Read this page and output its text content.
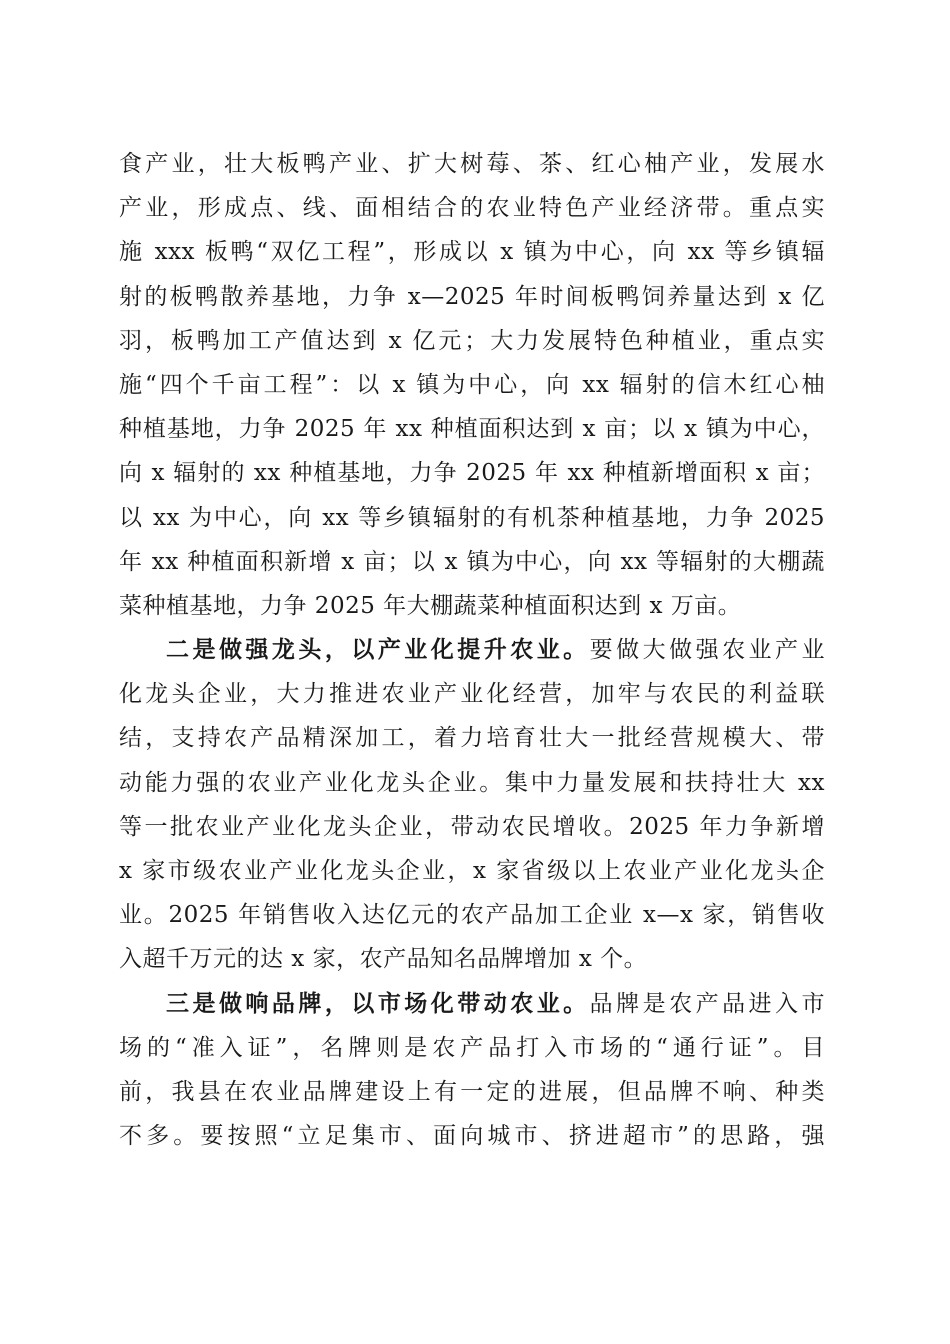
食产业，壮大板鸭产业、扩大树莓、茶、红心柚产业，发展水
产业，形成点、线、面相结合的农业特色产业经济带。重点实
施 xxx 板鸭“双亿工程”，形成以 x 镇为中心，向 xx 等乡镇辐
射的板鸭散养基地，力争 x—2025 年时间板鸭饲养量达到 x 亿
羽，板鸭加工产值达到 x 亿元；大力发展特色种植业，重点实
施“四个千亩工程”：以 x 镇为中心，向 xx 辐射的信木红心柚
种植基地，力争 2025 年 xx 种植面积达到 x 亩；以 x 镇为中心，
向 x 辐射的 xx 种植基地，力争 2025 年 xx 种植新增面积 x 亩；
以 xx 为中心，向 xx 等乡镇辐射的有机茶种植基地，力争 2025
年 xx 种植面积新增 x 亩；以 x 镇为中心，向 xx 等辐射的大棚蔬
菜种植基地，力争 2025 年大棚蔬菜种植面积达到 x 万亩。
二是做强龙头，以产业化提升农业。要做大做强农业产业
化龙头企业，大力推进农业产业化经营，加牢与农民的利益联
结，支持农产品精深加工，着力培育壮大一批经营规模大、带
动能力强的农业产业化龙头企业。集中力量发展和扶持壮大 xx
等一批农业产业化龙头企业，带动农民增收。2025 年力争新增
x 家市级农业产业化龙头企业，x 家省级以上农业产业化龙头企
业。2025 年销售收入达亿元的农产品加工企业 x—x 家，销售收
入超千万元的达 x 家，农产品知名品牌增加 x 个。
三是做响品牌，以市场化带动农业。品牌是农产品进入市
场的“准入证”，名牌则是农产品打入市场的“通行证”。目
前，我县在农业品牌建设上有一定的进展，但品牌不响、种类
不多。要按照“立足集市、面向城市、挤进超市”的思路，强
